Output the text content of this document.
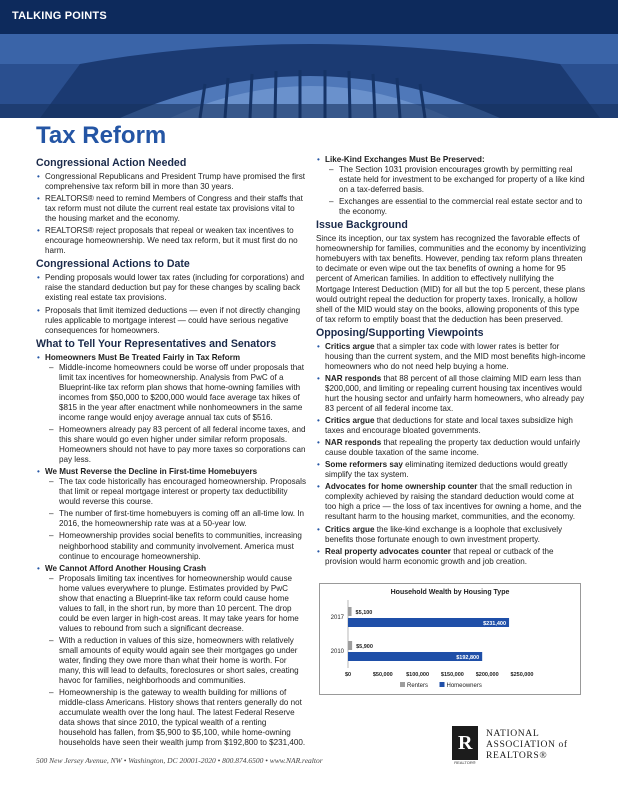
TALKING POINTS
Tax Reform
Congressional Action Needed
• Congressional Republicans and President Trump have promised the first comprehensive tax reform bill in more than 30 years.
• REALTORS® need to remind Members of Congress and their staffs that tax reform must not dilute the current real estate tax provisions vital to the housing market and the economy.
• REALTORS® reject proposals that repeal or weaken tax incentives to encourage homeownership. We need tax reform, but it must first do no harm.
Congressional Actions to Date
• Pending proposals would lower tax rates (including for corporations) and raise the standard deduction but pay for these changes by scaling back existing real estate tax provisions.
• Proposals that limit itemized deductions — even if not directly changing rules applicable to mortgage interest — could have serious negative consequences for homeowners.
What to Tell Your Representatives and Senators
• Homeowners Must Be Treated Fairly in Tax Reform
– Middle-income homeowners could be worse off under proposals that limit tax incentives for homeownership. Analysis from PwC of a Blueprint-like tax reform plan shows that home-owning families with incomes from $50,000 to $200,000 would face average tax hikes of $815 in the year after enactment while nonhomeowners in the same income range would enjoy average annual tax cuts of $516.
– Homeowners already pay 83 percent of all federal income taxes, and this share would go even higher under similar reform proposals. Homeowners should not have to pay more taxes so corporations can pay less.
• We Must Reverse the Decline in First-time Homebuyers
– The tax code historically has encouraged homeownership. Proposals that limit or repeal mortgage interest or property tax deductibility would reverse this course.
– The number of first-time homebuyers is coming off an all-time low. In 2016, the homeownership rate was at a 50-year low.
– Homeownership provides social benefits to communities, increasing neighborhood stability and community involvement. America must continue to encourage homeownership.
• We Cannot Afford Another Housing Crash
– Proposals limiting tax incentives for homeownership would cause home values everywhere to plunge. Estimates provided by PwC show that enacting a Blueprint-like tax reform could cause home values to fall, in the short run, by more than 10 percent. The drop could be even larger in high-cost areas. It may take years for home values to rebound from such a significant decrease.
– With a reduction in values of this size, homeowners with relatively small amounts of equity would again see their mortgages go under water, finding they owe more than what their home is worth. For many, this will lead to defaults, foreclosures or short sales, creating havoc for families, neighborhoods and communities.
– Homeownership is the gateway to wealth building for millions of middle-class Americans. History shows that renters generally do not accumulate wealth over the long haul. The latest Federal Reserve data shows that since 2010, the typical wealth of a renting household has fallen, from $5,900 to $5,100, while home-owning households have seen their wealth jump from $192,800 to $231,400.
• Like-Kind Exchanges Must Be Preserved:
– The Section 1031 provision encourages growth by permitting real estate held for investment to be exchanged for property of a like kind on a tax-deferred basis.
– Exchanges are essential to the commercial real estate sector and to the economy.
Issue Background

Since its inception, our tax system has recognized the favorable effects of homeownership for families, communities and the economy by incentivizing homebuyers with tax benefits. However, pending tax reform plans threaten to decimate or even wipe out the tax benefits of owning a home for 95 percent of American families. In addition to effectively nullifying the Mortgage Interest Deduction (MID) for all but the top 5 percent, these plans would outright repeal the deduction for property taxes. Ironically, a hollow shell of the MID would stay on the books, allowing proponents of this type of tax reform to emptily boast that the deduction has been preserved.

Opposing/Supporting Viewpoints
• Critics argue that a simpler tax code with lower rates is better for housing than the current system, and the MID most benefits high-income homeowners who do not need help buying a home.
• NAR responds that 88 percent of all those claiming MID earn less than $200,000, and limiting or repealing current housing tax incentives would hurt the housing sector and unfairly harm homeowners, who already pay 83 percent of all federal income tax.
• Critics argue that deductions for state and local taxes subsidize high taxes and encourage bloated governments.
• NAR responds that repealing the property tax deduction would unfairly cause double taxation of the same income.
• Some reformers say eliminating itemized deductions would greatly simplify the tax system.
• Advocates for home ownership counter that the small reduction in complexity achieved by raising the standard deduction would come at too high a price — the loss of tax incentives for owning a home, and the resultant harm to the housing market, communities, and the economy.
• Critics argue the like-kind exchange is a loophole that exclusively benefits those fortunate enough to own investment property.
• Real property advocates counter that repeal or cutback of the provision would harm economic growth and job creation.
Household Wealth by Housing Type
2017
$5,100
$231,400
2010
$5,900
$192,800
$0	$50,000 $100,000 $150,000 $200,000 $250,000
Renters	Homeowners
500 New Jersey Avenue, NW • Washington, DC 20001-2020 • 800.874.6500 • www.NAR.realtor
R
REALTOR®
NATIONAL
ASSOCIATION of
REALTORS®
